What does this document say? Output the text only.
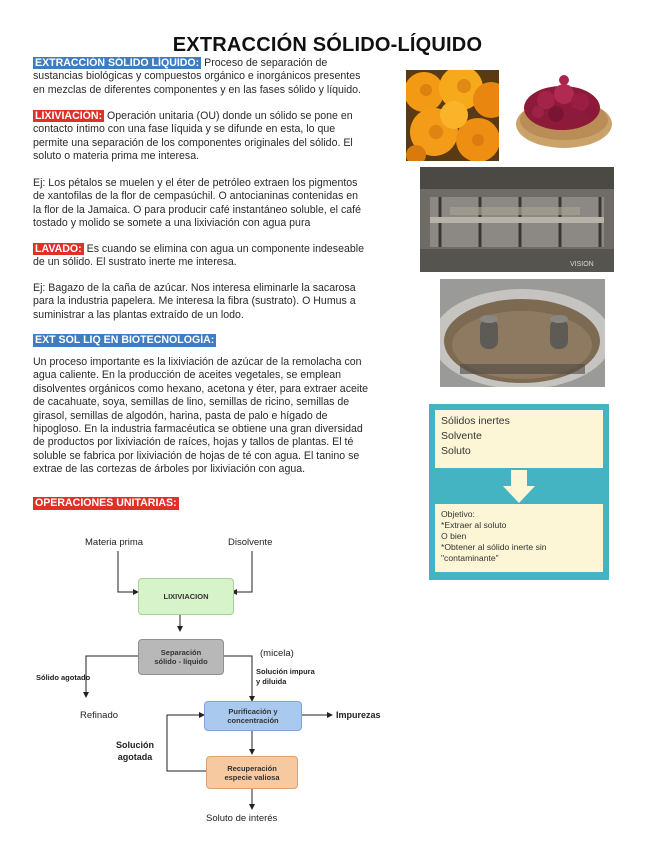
EXTRACCIÓN SÓLIDO-LÍQUIDO
EXTRACCIÓN SÓLIDO LÍQUIDO: Proceso de separación de
sustancias biológicas y compuestos orgánico e inorgánicos presentes
en mezclas de diferentes componentes y en las fases sólido y líquido.
LIXIVIACIÓN: Operación unitaria (OU) donde un sólido se pone en
contacto íntimo con una fase líquida y se difunde en esta, lo que
permite una separación de los componentes originales del sólido. El
soluto o materia prima me interesa.
Ej: Los pétalos se muelen y el éter de petróleo extraen los pigmentos
de xantofilas de la flor de cempasúchil. O antocianinas contenidas en
la flor de la Jamaica. O para producir café instantáneo soluble, el café
tostado y molido se somete a una lixiviación con agua pura
LAVADO: Es cuando se elimina con agua un componente indeseable
de un sólido. El sustrato inerte me interesa.
Ej: Bagazo de la caña de azúcar. Nos interesa eliminarle la sacarosa
para la industria papelera. Me interesa la fibra (sustrato). O Humus a
suministrar a las plantas extraído de un lodo.
EXT SOL LIQ EN BIOTECNOLOGÍA:
Un proceso importante es la lixiviación de azúcar de la remolacha con
agua caliente. En la producción de aceites vegetales, se emplean
disolventes orgánicos como hexano, acetona y éter, para extraer aceite
de cacahuate, soya, semillas de lino, semillas de ricino, semillas de
girasol, semillas de algodón, harina, pasta de palo e hígado de
hipogloso. En la industria farmacéutica se obtiene una gran diversidad
de productos por lixiviación de raíces, hojas y tallos de plantas. El té
soluble se fabrica por lixiviación de hojas de té con agua. El tanino se
extrae de las cortezas de árboles por lixiviación con agua.
OPERACIONES UNITARIAS:
VISION
Sólidos inertes
Solvente
Soluto
Objetivo:
*Extraer al soluto
O bien
*Obtener al sólido inerte sin
"contaminante"
Materia prima	Disolvente
LIXIVIACION
Separación
sólido - líquido
(micela)
Solución impura
y diluida
Sólido agotado
Refinado	Purificación y
concentración
Impurezas
Solución
agotada
Recuperación
especie valiosa
Soluto de interés
